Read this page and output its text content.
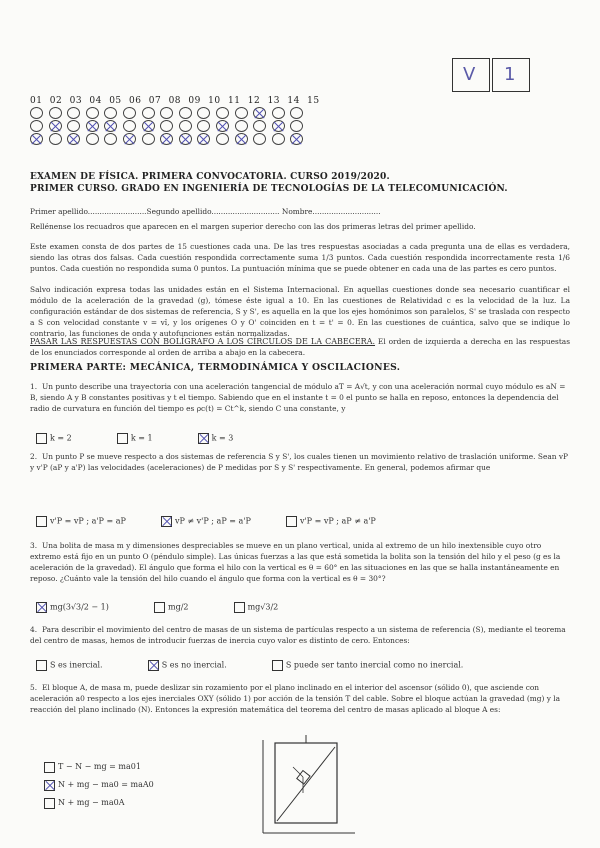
V 1
01 02 03 04 05 06 07 08 09 10 11 12 13 14 15
EXAMEN DE FÍSICA. PRIMERA CONVOCATORIA. CURSO 2019/2020.
PRIMER CURSO. GRADO EN INGENIERÍA DE TECNOLOGÍAS DE LA TELECOMUNICACIÓN.
Primer apellido.........................Segundo apellido............................. Nombre.............................
Rellénense los recuadros que aparecen en el margen superior derecho con las dos primeras letras del primer apellido.
Este examen consta de dos partes de 15 cuestiones cada una. De las tres respuestas asociadas a cada pregunta una de ellas es verdadera, siendo las otras dos falsas. Cada cuestión respondida correctamente suma 1/3 puntos. Cada cuestión respondida incorrectamente resta 1/6 puntos. Cada cuestión no respondida suma 0 puntos. La puntuación mínima que se puede obtener en cada una de las partes es cero puntos.
Salvo indicación expresa todas las unidades están en el Sistema Internacional. En aquellas cuestiones donde sea necesario cuantificar el módulo de la aceleración de la gravedad (g), tómese éste igual a 10. En las cuestiones de Relatividad c es la velocidad de la luz. La configuración estándar de dos sistemas de referencia, S y S', es aquella en la que los ejes homónimos son paralelos, S' se traslada con respecto a S con velocidad constante v = vî, y los orígenes O y O' coinciden en t = t' = 0. En las cuestiones de cuántica, salvo que se indique lo contrario, las funciones de onda y autofunciones están normalizadas.
PASAR LAS RESPUESTAS CON BOLÍGRAFO A LOS CÍRCULOS DE LA CABECERA. El orden de izquierda a derecha en las respuestas de los enunciados corresponde al orden de arriba a abajo en la cabecera.
PRIMERA PARTE: MECÁNICA, TERMODINÁMICA Y OSCILACIONES.
1. Un punto describe una trayectoria con una aceleración tangencial de módulo aT = A√t, y con una aceleración normal cuyo módulo es aN = B, siendo A y B constantes positivas y t el tiempo. Sabiendo que en el instante t = 0 el punto se halla en reposo, entonces la dependencia del radio de curvatura en función del tiempo es ρc(t) = Ct^k, siendo C una constante, y
k = 2	k = 1	k = 3
2. Un punto P se mueve respecto a dos sistemas de referencia S y S', los cuales tienen un movimiento relativo de traslación uniforme. Sean vP y v'P (aP y a'P) las velocidades (aceleraciones) de P medidas por S y S' respectivamente. En general, podemos afirmar que
v'P = vP ; a'P = aP	vP ≠ v'P ; aP = a'P	v'P = vP ; aP ≠ a'P
3. Una bolita de masa m y dimensiones despreciables se mueve en un plano vertical, unida al extremo de un hilo inextensible cuyo otro extremo está fijo en un punto O (péndulo simple). Las únicas fuerzas a las que está sometida la bolita son la tensión del hilo y el peso (g es la aceleración de la gravedad). El ángulo que forma el hilo con la vertical es θ = 60° en las situaciones en las que se halla instantáneamente en reposo. ¿Cuánto vale la tensión del hilo cuando el ángulo que forma con la vertical es θ = 30°?
mg(3√3/2 − 1)	mg/2	mg√3/2
4. Para describir el movimiento del centro de masas de un sistema de partículas respecto a un sistema de referencia (S), mediante el teorema del centro de masas, hemos de introducir fuerzas de inercia cuyo valor es distinto de cero. Entonces:
S es inercial.	S es no inercial.	S puede ser tanto inercial como no inercial.
5. El bloque A, de masa m, puede deslizar sin rozamiento por el plano inclinado en el interior del ascensor (sólido 0), que asciende con aceleración a0 respecto a los ejes inerciales OXY (sólido 1) por acción de la tensión T del cable. Sobre el bloque actúan la gravedad (mg) y la reacción del plano inclinado (N). Entonces la expresión matemática del teorema del centro de masas aplicado al bloque A es:
T − N − mg = ma01
N + mg − ma0 = maA0
N + mg − ma0A
